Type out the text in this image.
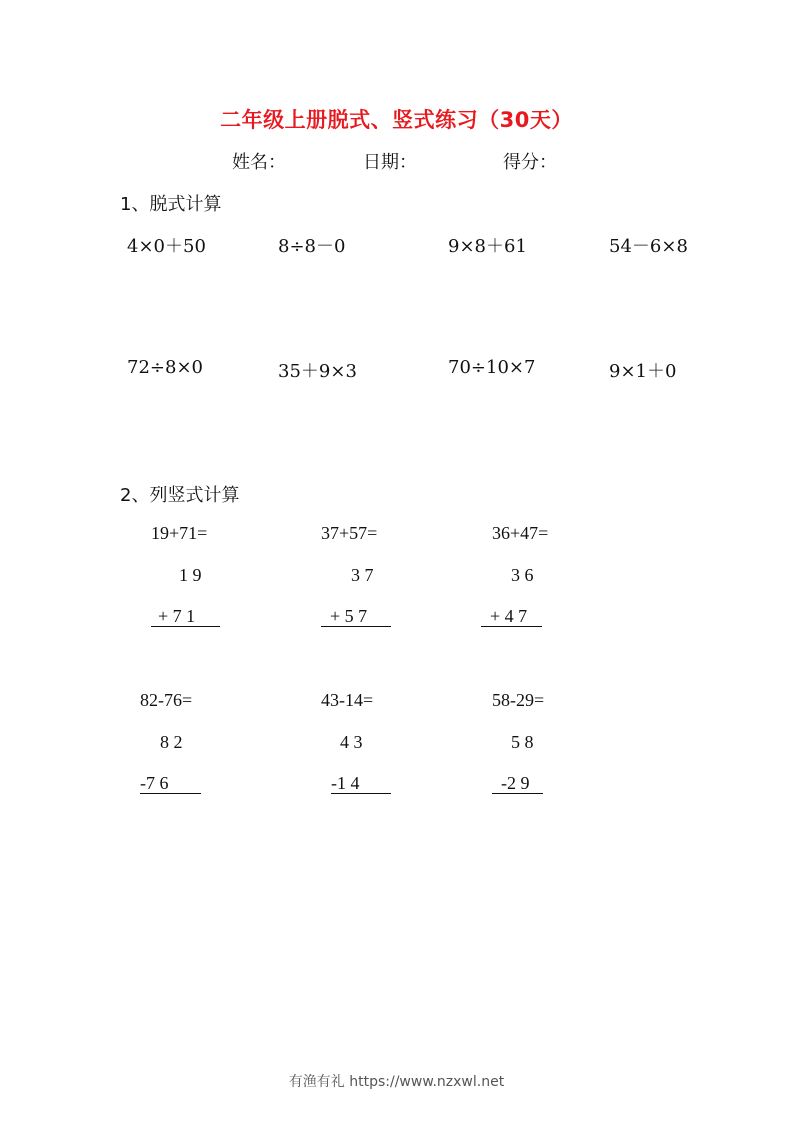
二年级上册脱式、竖式练习（30天）
姓名：	日期：	得分：
1、脱式计算
4×0＋50	8÷8－0	9×8＋61	54－6×8
72÷8×0	35＋9×3	70÷10×7	9×1＋0
2、列竖式计算
19+71=
1 9
+ 7 1
37+57=
3 7
+ 5 7
36+47=
3 6
+ 4 7
82-76=
8 2
-7 6
43-14=
4 3
-1 4
58-29=
5 8
-2 9
有渔有礼 https://www.nzxwl.net
